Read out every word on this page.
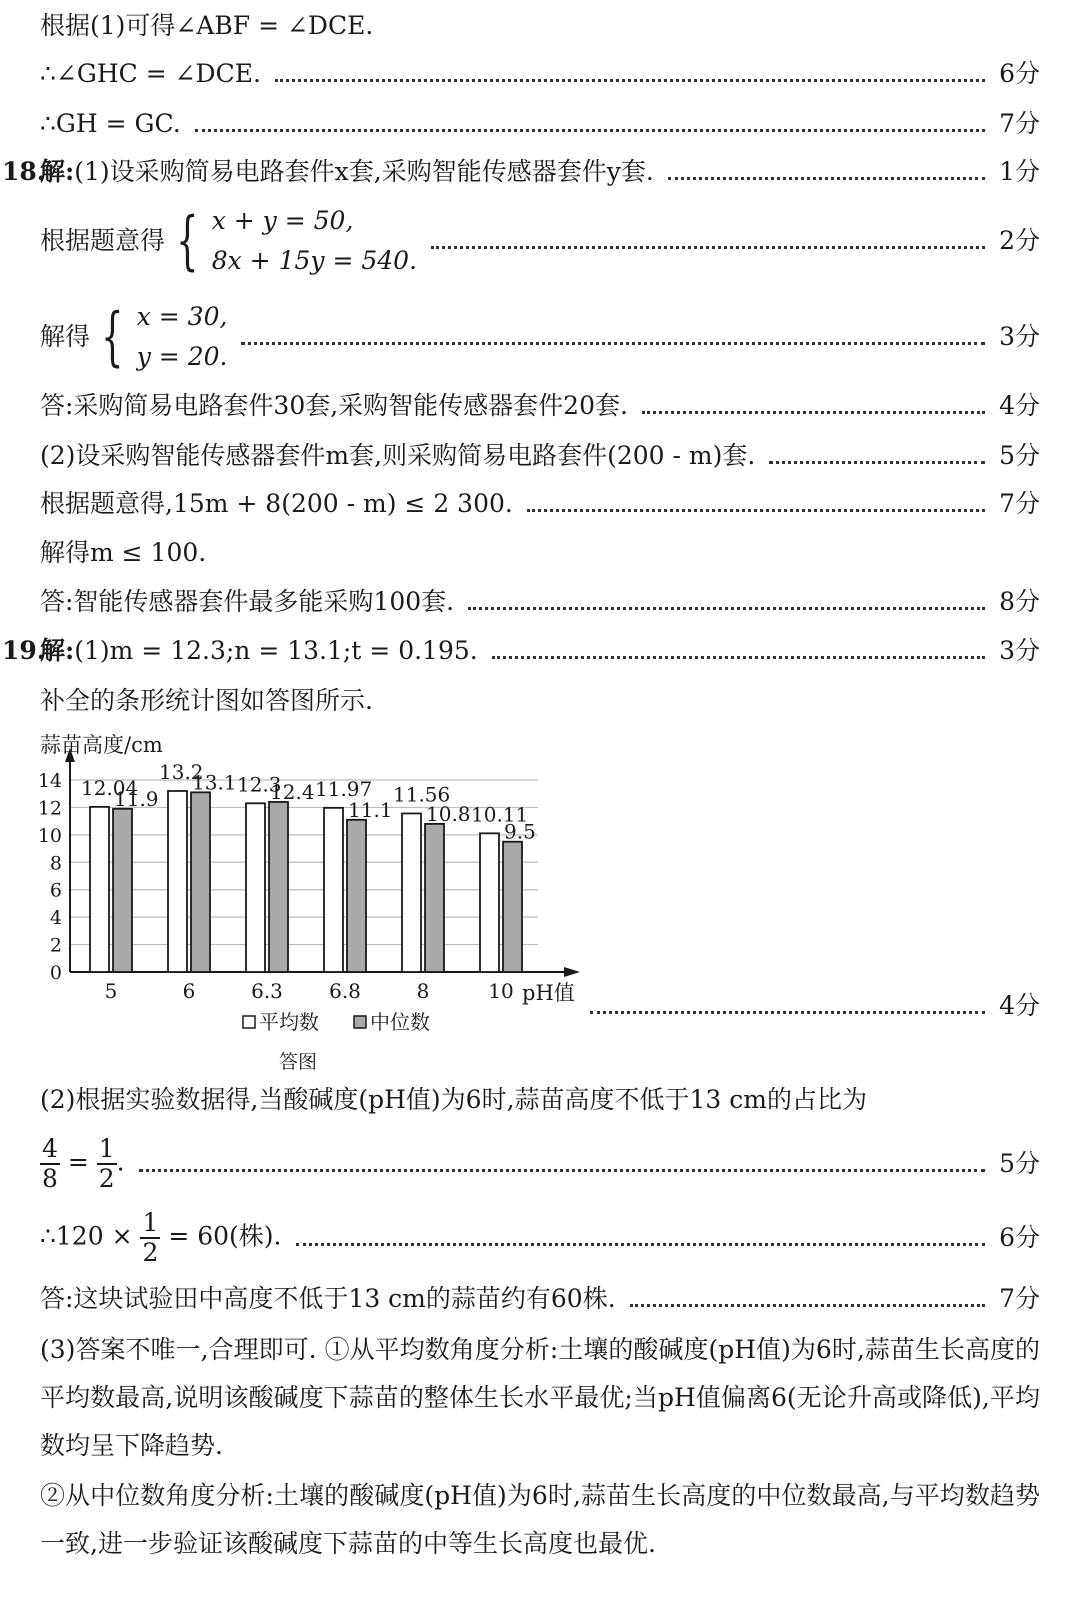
根据(1)可得∠ABF = ∠DCE.
∴∠GHC = ∠DCE.	6分
∴GH = GC.	7分
18.
解:(1)设采购简易电路套件x套,采购智能传感器套件y套.	1分
根据题意得 { x + y = 50,
8x + 15y = 540.
2分
解得 { x = 30,
y = 20.
3分
答:采购简易电路套件30套,采购智能传感器套件20套.	4分
(2)设采购智能传感器套件m套,则采购简易电路套件(200 - m)套.	5分
根据题意得,15m + 8(200 - m) ≤ 2 300.	7分
解得m ≤ 100.
答:智能传感器套件最多能采购100套.	8分
19.
解:(1)m = 12.3;n = 13.1;t = 0.195.	3分
补全的条形统计图如答图所示.
0
2
4
6
8
10
12
14
蒜苗高度/cm
pH值
12.04
11.9
5
13.2
13.1
6
12.3
12.4
6.3
11.97
11.1
6.8
11.56
10.8
8
10.11
9.5
10
平均数	中位数
答图
4分
(2)根据实验数据得,当酸碱度(pH值)为6时,蒜苗高度不低于13 cm的占比为
$\frac{4}{8} = \frac{1}{2}$ .	5分
∴120 × $\frac{1}{2} = 60$(株).	6分
答:这块试验田中高度不低于13 cm的蒜苗约有60株.	7分
(3)答案不唯一,合理即可. ①从平均数角度分析:土壤的酸碱度(pH值)为6时,蒜苗生长高度的平均数最高,说明该酸碱度下蒜苗的整体生长水平最优;当pH值偏离6(无论升高或降低),平均数均呈下降趋势.
②从中位数角度分析:土壤的酸碱度(pH值)为6时,蒜苗生长高度的中位数最高,与平均数趋势一致,进一步验证该酸碱度下蒜苗的中等生长高度也最优.
